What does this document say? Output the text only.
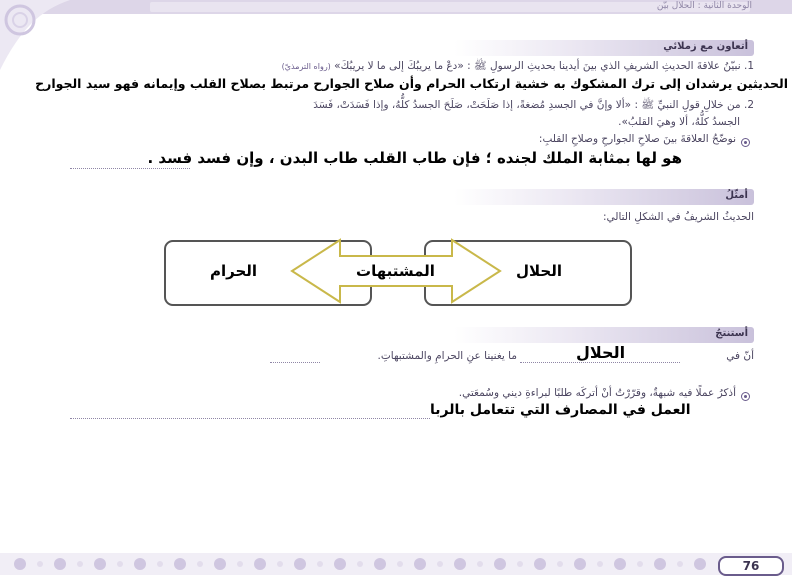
الوحدة الثانية : الحلال بيّن
أتعاون مع زملائي
1. نبيّنُ علاقةَ الحديثِ الشريفِ الذي بينَ أيدينا بحديثِ الرسولِ ﷺ : «دعْ ما يريبُكَ إلى ما لا يريبُكَ» (رواه الترمذيّ)
الحديثين يرشدان إلى ترك المشكوك به خشية ارتكاب الحرام وأن صلاح الجوارح مرتبط بصلاح القلب وإيمانه فهو سيد الجوارح
2. من خلالِ قولِ النبيِّ ﷺ : «ألا وإنَّ في الجسدِ مُضغةً، إذا صَلَحَتْ، صَلَحَ الجسدُ كلُّهُ، وإذا فَسَدَتْ، فَسَدَ
الجسدُ كلُّهُ، ألا وهيَ القلبُ».
نوضّحُ العلاقةَ بينَ صلاحِ الجوارحِ وصلاحِ القلبِ:
هو لها بمثابة الملك لجنده ؛ فإن طاب القلب طاب البدن ، وإن فسد فسد .
أمثّلُ
الحديثُ الشريفُ في الشكلِ التالي:
الحلال
الحرام	المشتبهات
أستنتجُ
أنّ في
الحلال
ما يغنينا عنِ الحرامِ والمشتبهاتِ.
أذكرُ عملًا فيه شبهةٌ، وقرّرْتُ أنْ أتركَه طلبًا لبراءةِ ديني وسُمعَتي.
العمل في المصارف التي تتعامل بالربا
76
